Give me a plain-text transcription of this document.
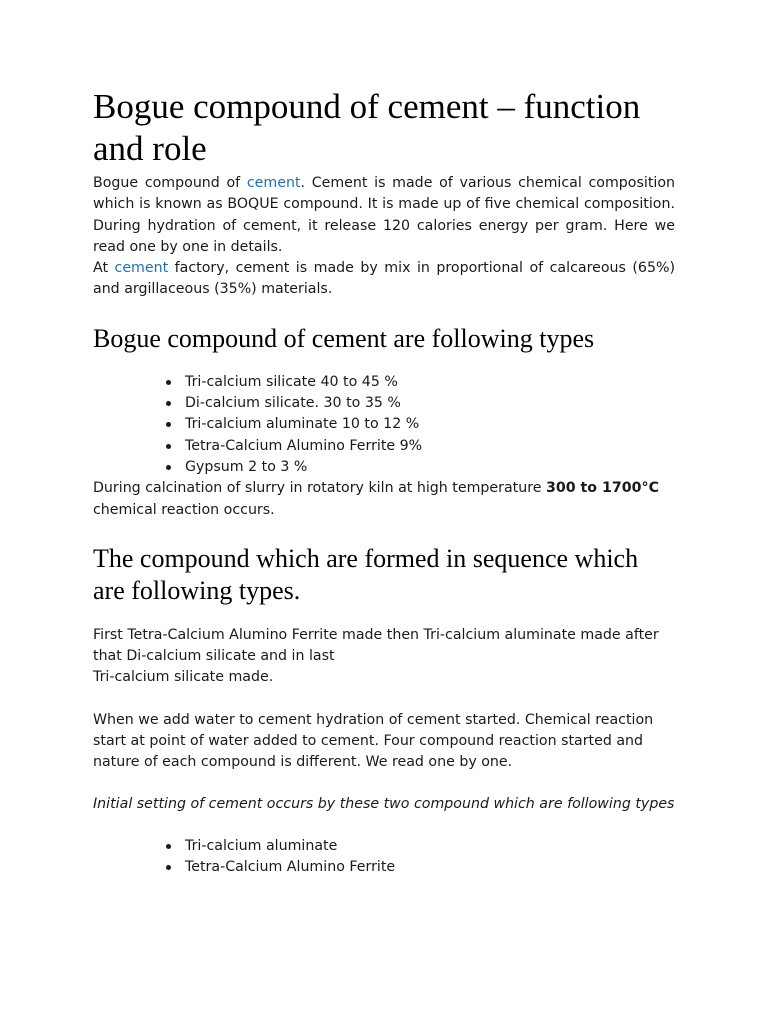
Bogue compound of cement – function and role

Bogue compound of cement. Cement is made of various chemical composition which is known as BOQUE compound. It is made up of five chemical composition. During hydration of cement, it release 120 calories energy per gram. Here we read one by one in details.
At cement factory, cement is made by mix in proportional of calcareous (65%) and argillaceous (35%) materials.

Bogue compound of cement are following types
Tri-calcium silicate 40 to 45 %
Di-calcium silicate. 30 to 35 %
Tri-calcium aluminate 10 to 12 %
Tetra-Calcium Alumino Ferrite 9%
Gypsum 2 to 3 %

During calcination of slurry in rotatory kiln at high temperature 300 to 1700°C chemical reaction occurs.

The compound which are formed in sequence which are following types.

First Tetra-Calcium Alumino Ferrite made then Tri-calcium aluminate made after that Di-calcium silicate and in last
Tri-calcium silicate made.

When we add water to cement hydration of cement started. Chemical reaction start at point of water added to cement. Four compound reaction started and nature of each compound is different. We read one by one.

Initial setting of cement occurs by these two compound which are following types

Tri-calcium aluminate
Tetra-Calcium Alumino Ferrite
